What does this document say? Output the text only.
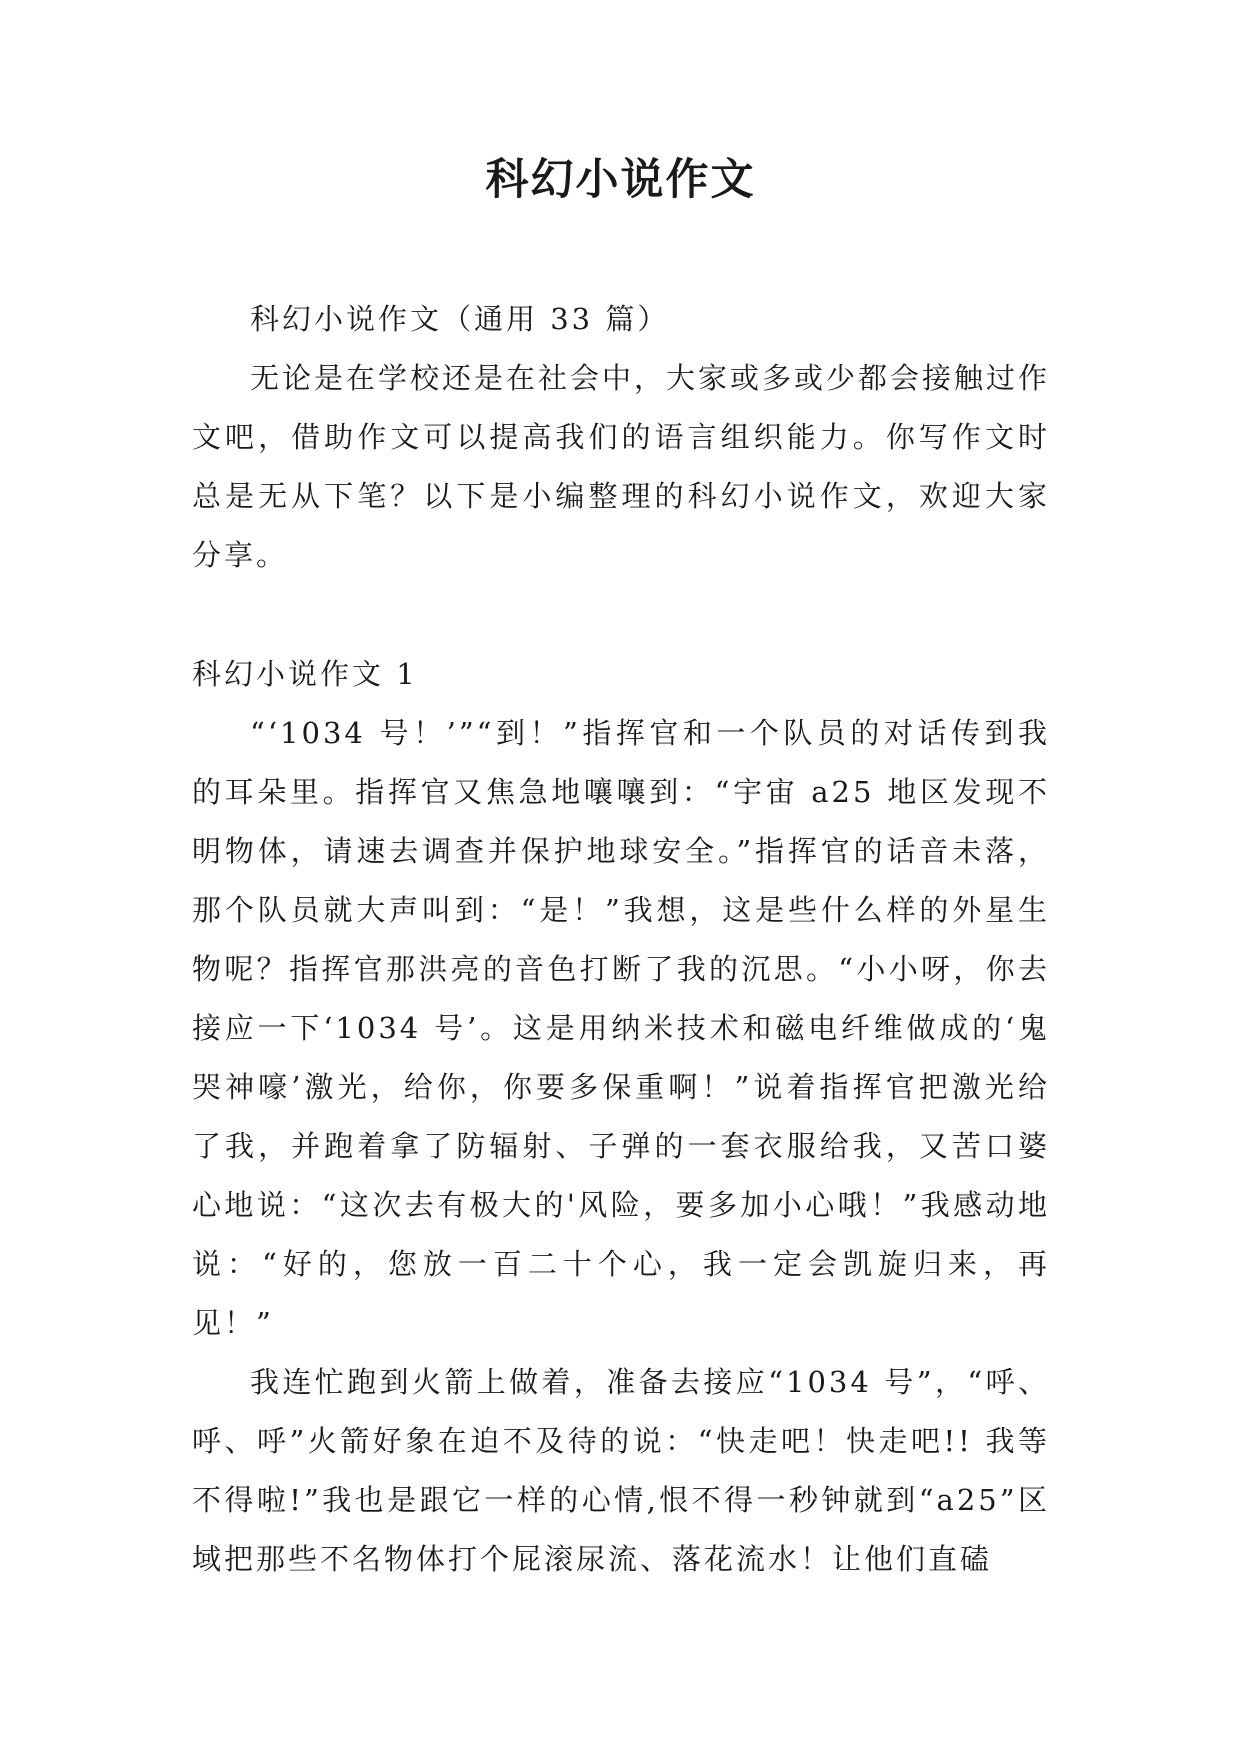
科幻小说作文

科幻小说作文（通用 33 篇）

无论是在学校还是在社会中，大家或多或少都会接触过作文吧，借助作文可以提高我们的语言组织能力。你写作文时总是无从下笔？以下是小编整理的科幻小说作文，欢迎大家分享。

科幻小说作文 1

“‘1034 号！’”“到！”指挥官和一个队员的对话传到我的耳朵里。指挥官又焦急地嚷嚷到：“宇宙 a25 地区发现不明物体，请速去调查并保护地球安全。”指挥官的话音未落，那个队员就大声叫到：“是！”我想，这是些什么样的外星生物呢？指挥官那洪亮的音色打断了我的沉思。“小小呀，你去接应一下‘1034 号’。这是用纳米技术和磁电纤维做成的‘鬼哭神嚎’激光，给你，你要多保重啊！”说着指挥官把激光给了我，并跑着拿了防辐射、子弹的一套衣服给我，又苦口婆心地说：“这次去有极大的'风险，要多加小心哦！”我感动地说：“好的，您放一百二十个心，我一定会凯旋归来，再见！”

我连忙跑到火箭上做着，准备去接应“1034 号”，“呼、呼、呼”火箭好象在迫不及待的说：“快走吧！快走吧!! 我等不得啦!”我也是跟它一样的心情,恨不得一秒钟就到“a25”区域把那些不名物体打个屁滚尿流、落花流水！让他们直磕
